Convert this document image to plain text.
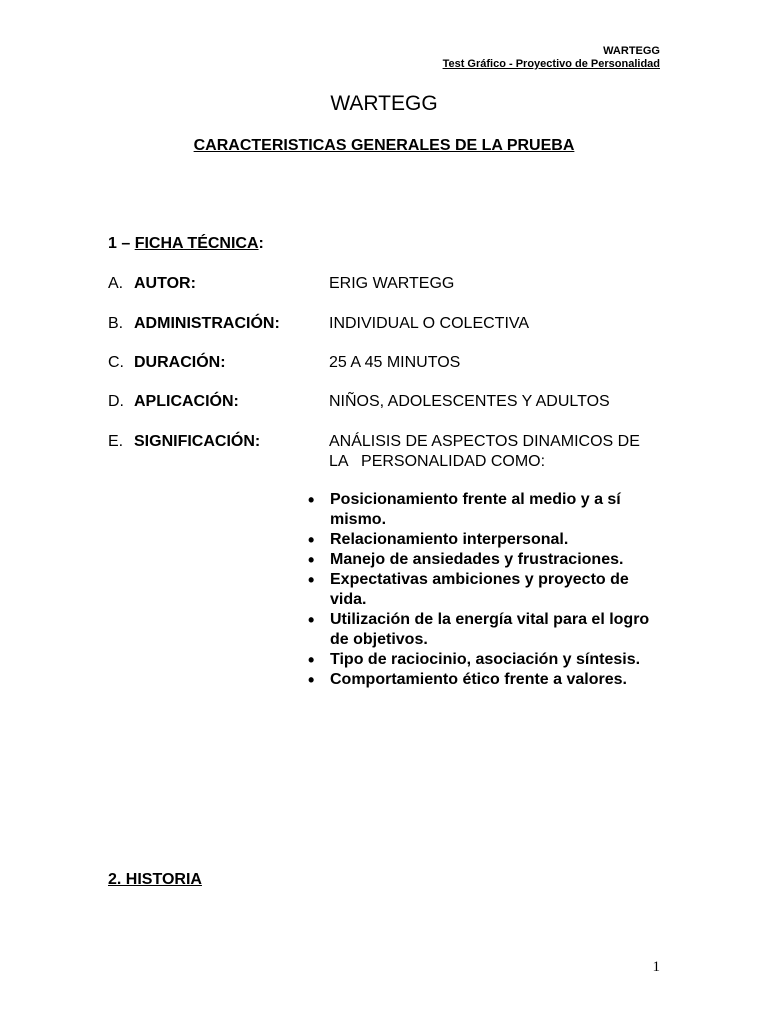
WARTEGG
Test Gráfico - Proyectivo de Personalidad
WARTEGG
CARACTERISTICAS GENERALES DE LA PRUEBA
1 – FICHA TÉCNICA:
A. AUTOR:	ERIG WARTEGG
B. ADMINISTRACIÓN:	INDIVIDUAL O COLECTIVA
C. DURACIÓN:	25 A 45 MINUTOS
D. APLICACIÓN:	NIÑOS, ADOLESCENTES Y ADULTOS
E. SIGNIFICACIÓN:	ANÁLISIS DE ASPECTOS DINAMICOS DE LA   PERSONALIDAD COMO:
• Posicionamiento frente al medio y a sí mismo.
• Relacionamiento interpersonal.
• Manejo de ansiedades y frustraciones.
• Expectativas ambiciones y proyecto de vida.
• Utilización de la energía vital para el logro de objetivos.
• Tipo de raciocinio, asociación y síntesis.
• Comportamiento ético frente a valores.
2. HISTORIA
1
